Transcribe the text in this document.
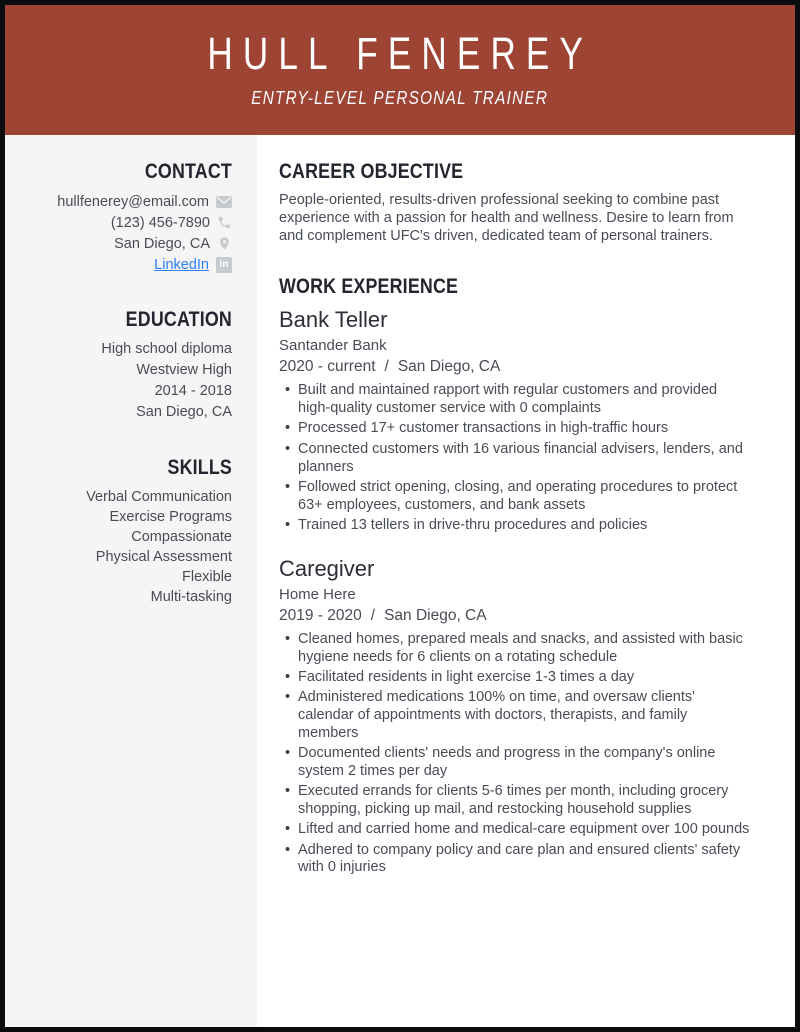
HULL FENEREY
ENTRY-LEVEL PERSONAL TRAINER
CONTACT
hullfenerey@email.com
(123) 456-7890
San Diego, CA
LinkedIn in
EDUCATION
High school diploma
Westview High
2014 - 2018
San Diego, CA
SKILLS
Verbal Communication
Exercise Programs
Compassionate
Physical Assessment
Flexible
Multi-tasking
CAREER OBJECTIVE

People-oriented, results-driven professional seeking to combine past experience with a passion for health and wellness. Desire to learn from and complement UFC's driven, dedicated team of personal trainers.

WORK EXPERIENCE
Bank Teller
Santander Bank
2020 - current / San Diego, CA
• Built and maintained rapport with regular customers and provided high-quality customer service with 0 complaints
• Processed 17+ customer transactions in high-traffic hours
• Connected customers with 16 various financial advisers, lenders, and planners
• Followed strict opening, closing, and operating procedures to protect 63+ employees, customers, and bank assets
• Trained 13 tellers in drive-thru procedures and policies
Caregiver
Home Here
2019 - 2020 / San Diego, CA
• Cleaned homes, prepared meals and snacks, and assisted with basic hygiene needs for 6 clients on a rotating schedule
• Facilitated residents in light exercise 1-3 times a day
• Administered medications 100% on time, and oversaw clients' calendar of appointments with doctors, therapists, and family members
• Documented clients' needs and progress in the company's online system 2 times per day
• Executed errands for clients 5-6 times per month, including grocery shopping, picking up mail, and restocking household supplies
• Lifted and carried home and medical-care equipment over 100 pounds
• Adhered to company policy and care plan and ensured clients' safety with 0 injuries
